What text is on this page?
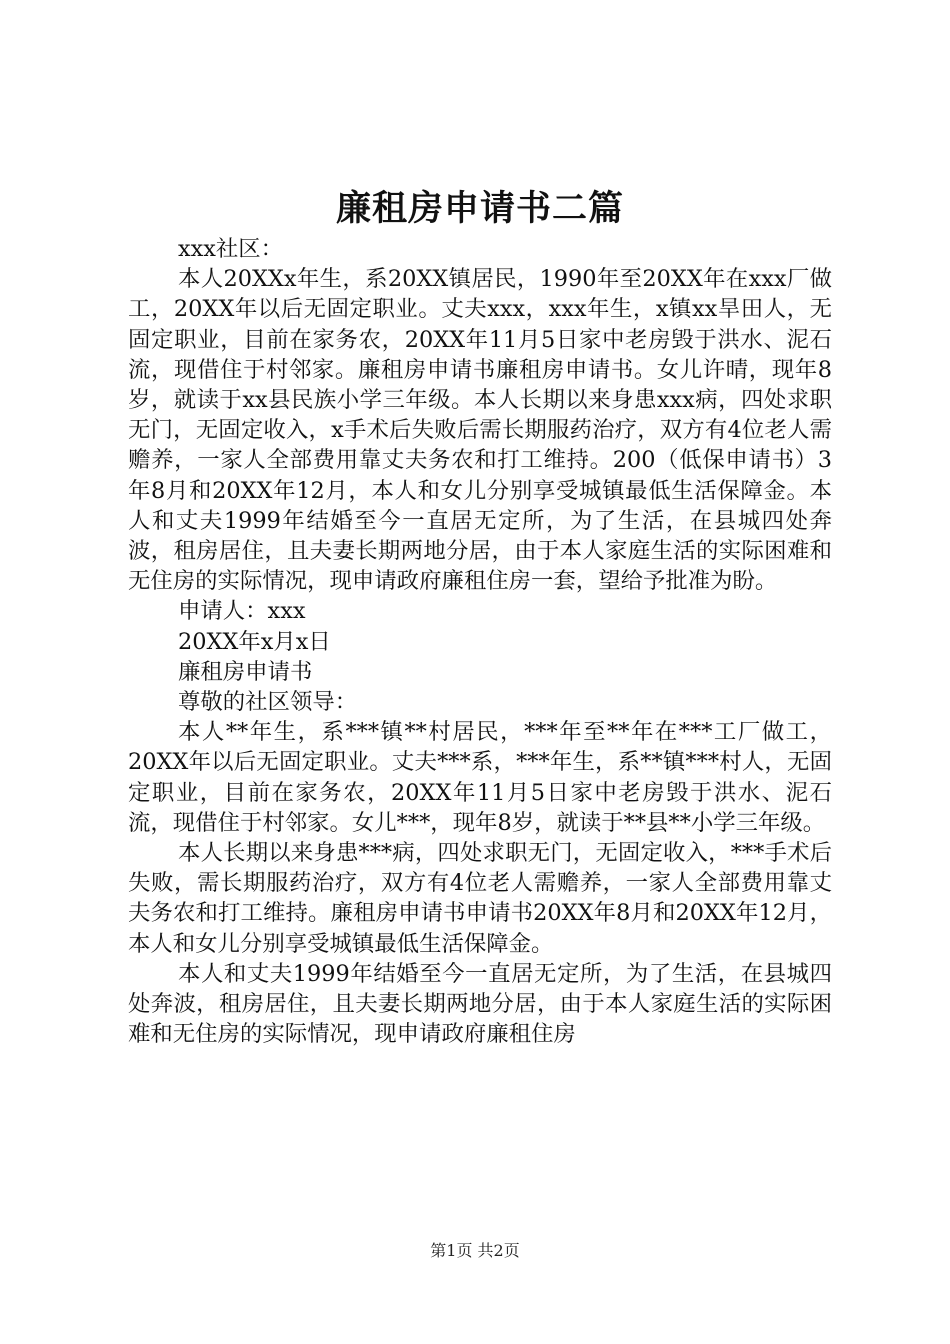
廉租房申请书二篇

xxx社区：

本人20XXx年生，系20XX镇居民，1990年至20XX年在xxx厂做工，20XX年以后无固定职业。丈夫xxx，xxx年生，x镇xx旱田人，无固定职业，目前在家务农，20XX年11月5日家中老房毁于洪水、泥石流，现借住于村邻家。廉租房申请书廉租房申请书。女儿许晴，现年8岁，就读于xx县民族小学三年级。本人长期以来身患xxx病，四处求职无门，无固定收入，x手术后失败后需长期服药治疗，双方有4位老人需赡养，一家人全部费用靠丈夫务农和打工维持。200（低保申请书）3年8月和20XX年12月，本人和女儿分别享受城镇最低生活保障金。本人和丈夫1999年结婚至今一直居无定所，为了生活，在县城四处奔波，租房居住，且夫妻长期两地分居，由于本人家庭生活的实际困难和无住房的实际情况，现申请政府廉租住房一套，望给予批准为盼。

申请人：xxx

20XX年x月x日

廉租房申请书

尊敬的社区领导：

本人**年生，系***镇**村居民，***年至**年在***工厂做工，20XX年以后无固定职业。丈夫***系，***年生，系**镇***村人，无固定职业，目前在家务农，20XX年11月5日家中老房毁于洪水、泥石流，现借住于村邻家。女儿***，现年8岁，就读于**县**小学三年级。

本人长期以来身患***病，四处求职无门，无固定收入，***手术后失败，需长期服药治疗，双方有4位老人需赡养，一家人全部费用靠丈夫务农和打工维持。廉租房申请书申请书20XX年8月和20XX年12月，本人和女儿分别享受城镇最低生活保障金。

本人和丈夫1999年结婚至今一直居无定所，为了生活，在县城四处奔波，租房居住，且夫妻长期两地分居，由于本人家庭生活的实际困难和无住房的实际情况，现申请政府廉租住房

第1页 共2页
